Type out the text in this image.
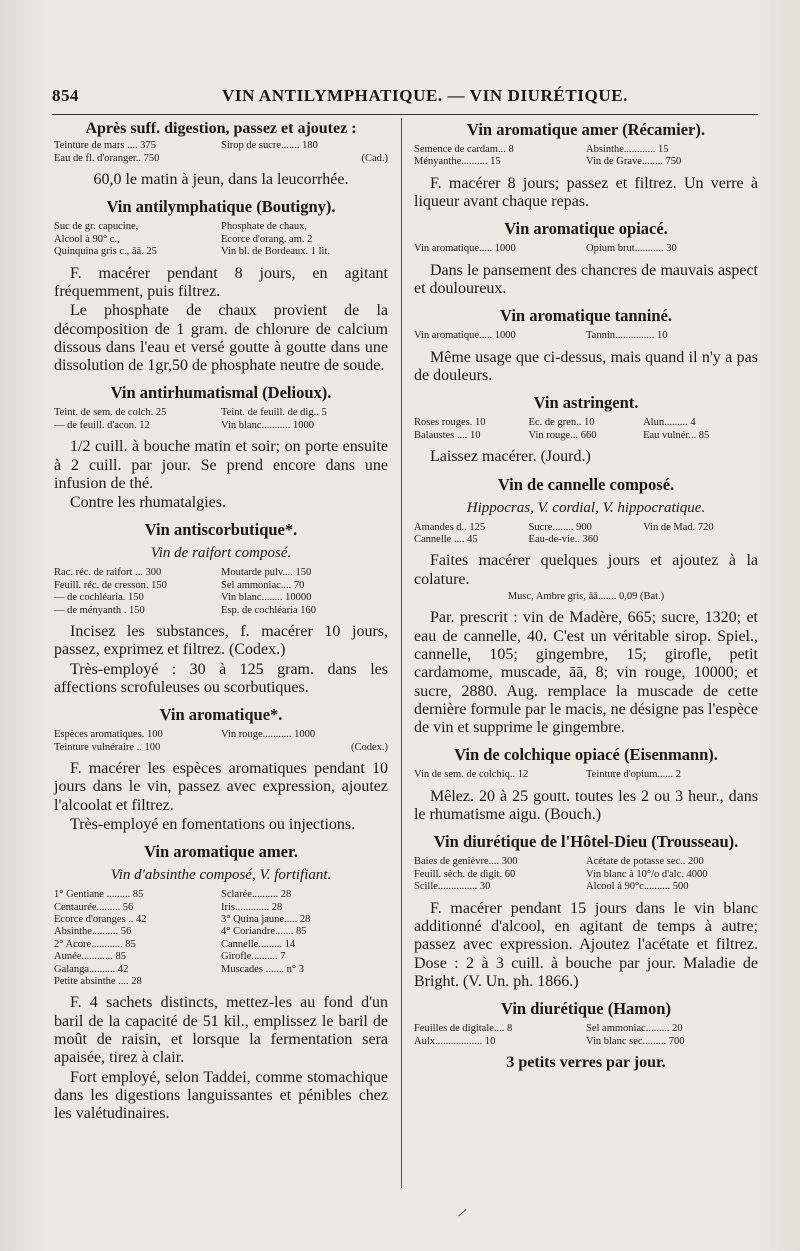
854	VIN ANTILYMPHATIQUE. — VIN DIURÉTIQUE.
Après suff. digestion, passez et ajoutez :
Teinture de mars .... 375	Sirop de sucre....... 180
Eau de fl. d'oranger.. 750	(Cad.)
60,0 le matin à jeun, dans la leucorrhée.
Vin antilymphatique (Boutigny).
Suc de gr. capucine,	Phosphate de chaux,
Alcool à 90° c.,	Ecorce d'orang. am. 2
Quinquina gris c., āā. 25	Vin bl. de Bordeaux. 1 lit.
F. macérer pendant 8 jours, en agitant fréquemment, puis filtrez.
Le phosphate de chaux provient de la décomposition de 1 gram. de chlorure de calcium dissous dans l'eau et versé goutte à goutte dans une dissolution de 1gr,50 de phosphate neutre de soude.
Vin antirhumatismal (Delioux).
Teint. de sem. de colch. 25	Teint. de feuill. de dig.. 5
— de feuill. d'acon. 12	Vin blanc........... 1000
1/2 cuill. à bouche matin et soir; on porte ensuite à 2 cuill. par jour. Se prend encore dans une infusion de thé.
Contre les rhumatalgies.
Vin antiscorbutique*.
Vin de raifort composé.
Rac. réc. de raifort ... 300	Moutarde pulv.... 150
Feuill. réc. de cresson. 150	Sel ammoniac.... 70
— de cochléaria. 150	Vin blanc........ 10000
— de ményanth . 150	Esp. de cochléaria 160
Incisez les substances, f. macérer 10 jours, passez, exprimez et filtrez. (Codex.)
Très-employé : 30 à 125 gram. dans les affections scrofuleuses ou scorbutiques.
Vin aromatique*.
Espèces aromatiques. 100	Vin rouge........... 1000
Teinture vulnéraire .. 100	(Codex.)
F. macérer les espèces aromatiques pendant 10 jours dans le vin, passez avec expression, ajoutez l'alcoolat et filtrez.
Très-employé en fomentations ou injections.
Vin aromatique amer.
Vin d'absinthe composé, V. fortifiant.
1° Gentiane ......... 85	Sclarée.......... 28
Centaurée......... 56	Iris............. 28
Ecorce d'oranges .. 42	3° Quina jaune..... 28
Absinthe.......... 56	4° Coriandre....... 85
2° Acore............ 85	Cannelle......... 14
Aunée............ 85	Girofle.......... 7
Galanga.......... 42	Muscades ....... n° 3
Petite absinthe .... 28
F. 4 sachets distincts, mettez-les au fond d'un baril de la capacité de 51 kil., emplissez le baril de moût de raisin, et lorsque la fermentation sera apaisée, tirez à clair.
Fort employé, selon Taddei, comme stomachique dans les digestions languissantes et pénibles chez les valétudinaires.
Vin aromatique amer (Récamier).
Semence de cardam... 8	Absinthe............ 15
Ményanthe.......... 15	Vin de Grave........ 750
F. macérer 8 jours; passez et filtrez. Un verre à liqueur avant chaque repas.
Vin aromatique opiacé.
Vin aromatique..... 1000	Opium brut........... 30
Dans le pansement des chancres de mauvais aspect et douloureux.
Vin aromatique tanniné.
Vin aromatique..... 1000	Tannin............... 10
Même usage que ci-dessus, mais quand il n'y a pas de douleurs.
Vin astringent.
Roses rouges. 10	Ec. de gren.. 10	Alun......... 4
Balaustes .... 10	Vin rouge... 660	Eau vulnér... 85
Laissez macérer. (Jourd.)
Vin de cannelle composé.
Hippocras, V. cordial, V. hippocratique.
Amandes d.. 125	Sucre........ 900	Vin de Mad. 720
Cannelle .... 45	Eau-de-vie.. 360
Faites macérer quelques jours et ajoutez à la colature.
Musc, Ambre gris, āā....... 0,09 (Bat.)
Par. prescrit : vin de Madère, 665; sucre, 1320; et eau de cannelle, 40. C'est un véritable sirop. Spiel., cannelle, 105; gingembre, 15; girofle, petit cardamome, muscade, āā, 8; vin rouge, 10000; et sucre, 2880. Aug. remplace la muscade de cette dernière formule par le macis, ne désigne pas l'espèce de vin et supprime le gingembre.
Vin de colchique opiacé (Eisenmann).
Vin de sem. de colchiq.. 12	Teinture d'opium...... 2
Mêlez. 20 à 25 goutt. toutes les 2 ou 3 heur., dans le rhumatisme aigu. (Bouch.)
Vin diurétique de l'Hôtel-Dieu (Trousseau).
Baies de genièvre.... 300	Acétate de potasse sec.. 200
Feuill. sèch. de digit. 60	Vin blanc à 10°/o d'alc. 4000
Scille............... 30	Alcool à 90°c.......... 500
F. macérer pendant 15 jours dans le vin blanc additionné d'alcool, en agitant de temps à autre; passez avec expression. Ajoutez l'acétate et filtrez. Dose : 2 à 3 cuill. à bouche par jour. Maladie de Bright. (V. Un. ph. 1866.)
Vin diurétique (Hamon)
Feuilles de digitale.... 8	Sel ammoniac......... 20
Aulx.................. 10	Vin blanc sec......... 700
3 petits verres par jour.
